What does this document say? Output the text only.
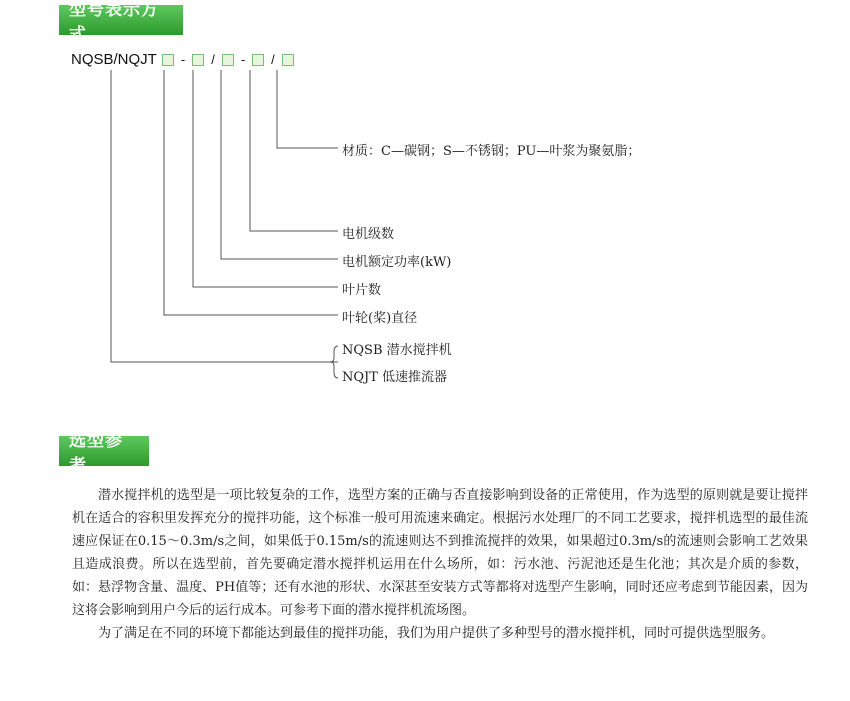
型号表示方式
NQSB/NQJT - / - /
材质：C—碳钢；S—不锈钢；PU—叶浆为聚氨脂；
电机级数
电机额定功率(kW)
叶片数
叶轮(桨)直径
NQSB 潜水搅拌机
NQJT 低速推流器
选型参考

潜水搅拌机的选型是一项比较复杂的工作，选型方案的正确与否直接影响到设备的正常使用，作为选型的原则就是要让搅拌机在适合的容积里发挥充分的搅拌功能，这个标准一般可用流速来确定。根据污水处理厂的不同工艺要求，搅拌机选型的最佳流速应保证在0.15～0.3m/s之间，如果低于0.15m/s的流速则达不到推流搅拌的效果，如果超过0.3m/s的流速则会影响工艺效果且造成浪费。所以在选型前，首先要确定潜水搅拌机运用在什么场所，如：污水池、污泥池还是生化池；其次是介质的参数，如：悬浮物含量、温度、PH值等；还有水池的形状、水深甚至安装方式等都将对选型产生影响，同时还应考虑到节能因素，因为这将会影响到用户今后的运行成本。可参考下面的潜水搅拌机流场图。

为了满足在不同的环境下都能达到最佳的搅拌功能，我们为用户提供了多种型号的潜水搅拌机，同时可提供选型服务。
